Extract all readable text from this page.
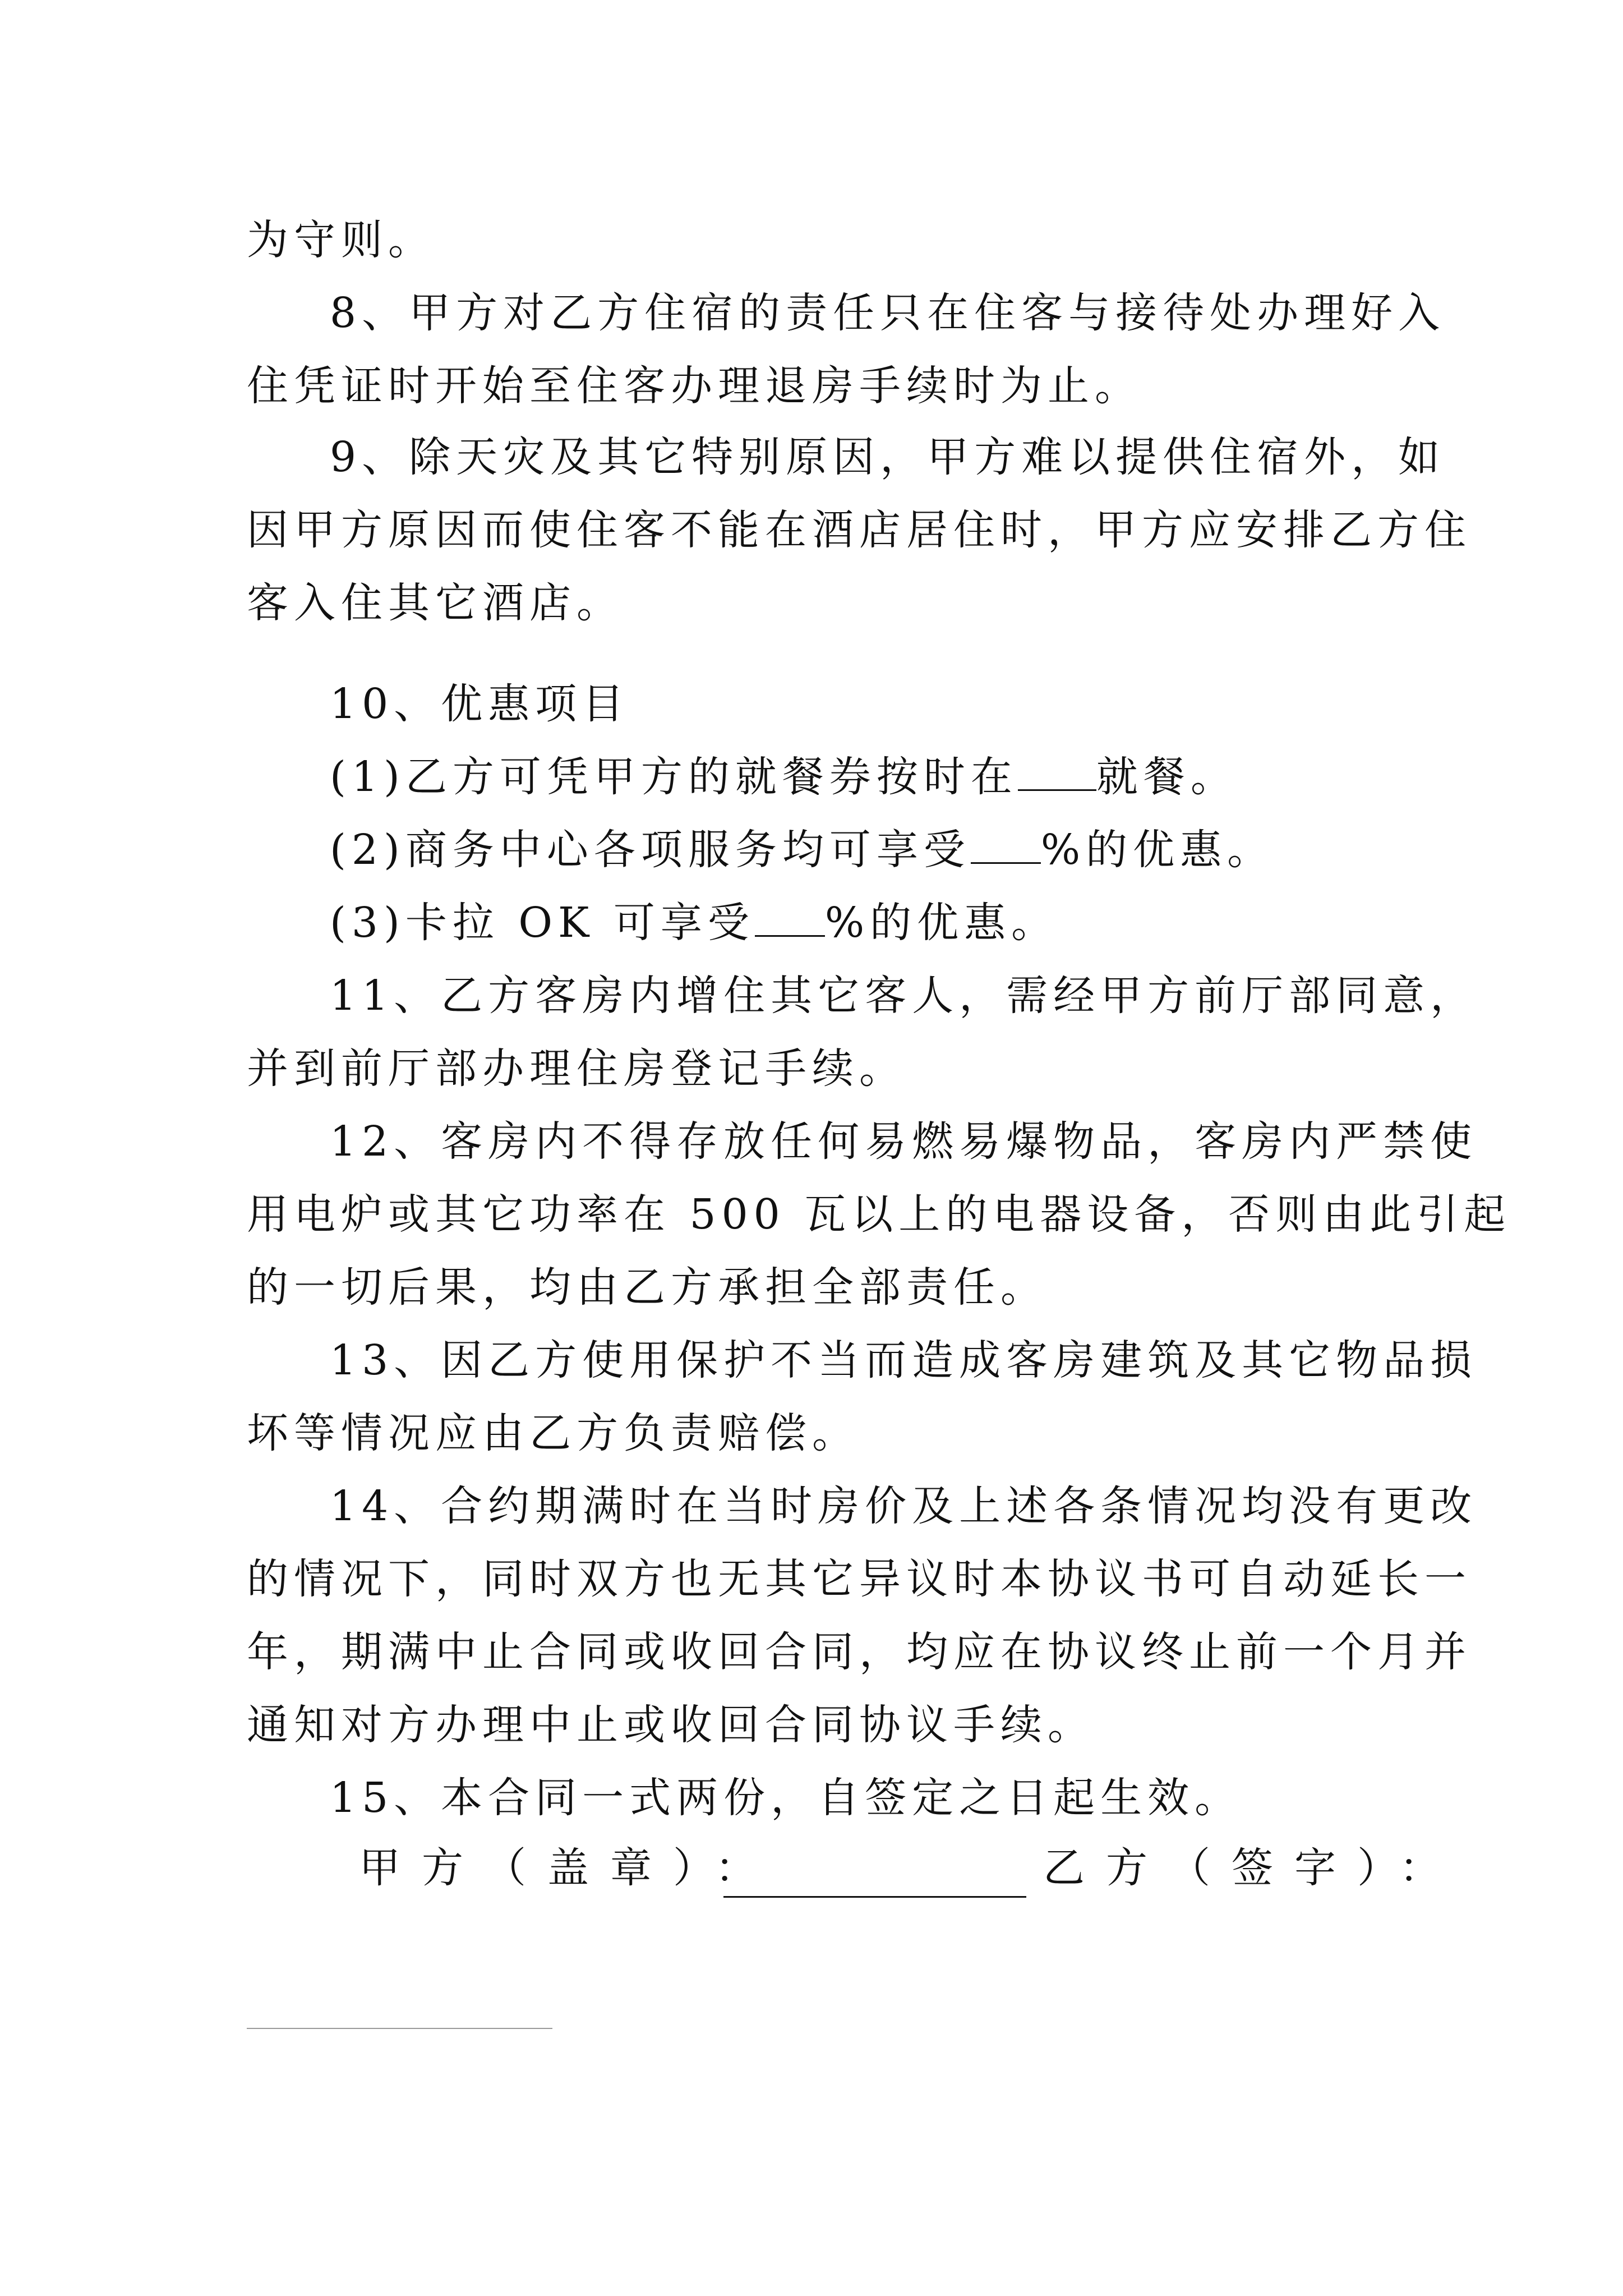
为守则。
8、甲方对乙方住宿的责任只在住客与接待处办理好入
住凭证时开始至住客办理退房手续时为止。
9、除天灾及其它特别原因，甲方难以提供住宿外，如
因甲方原因而使住客不能在酒店居住时，甲方应安排乙方住
客入住其它酒店。
10、优惠项目
(1)乙方可凭甲方的就餐券按时在 就餐。
(2)商务中心各项服务均可享受 %的优惠。
(3)卡拉 OK 可享受 %的优惠。
11、乙方客房内增住其它客人，需经甲方前厅部同意，
并到前厅部办理住房登记手续。
12、客房内不得存放任何易燃易爆物品，客房内严禁使
用电炉或其它功率在 500 瓦以上的电器设备，否则由此引起
的一切后果，均由乙方承担全部责任。
13、因乙方使用保护不当而造成客房建筑及其它物品损
坏等情况应由乙方负责赔偿。
14、合约期满时在当时房价及上述各条情况均没有更改
的情况下，同时双方也无其它异议时本协议书可自动延长一
年，期满中止合同或收回合同，均应在协议终止前一个月并
通知对方办理中止或收回合同协议手续。
15、本合同一式两份，自签定之日起生效。
甲方（盖章）：	乙方（签字）：
